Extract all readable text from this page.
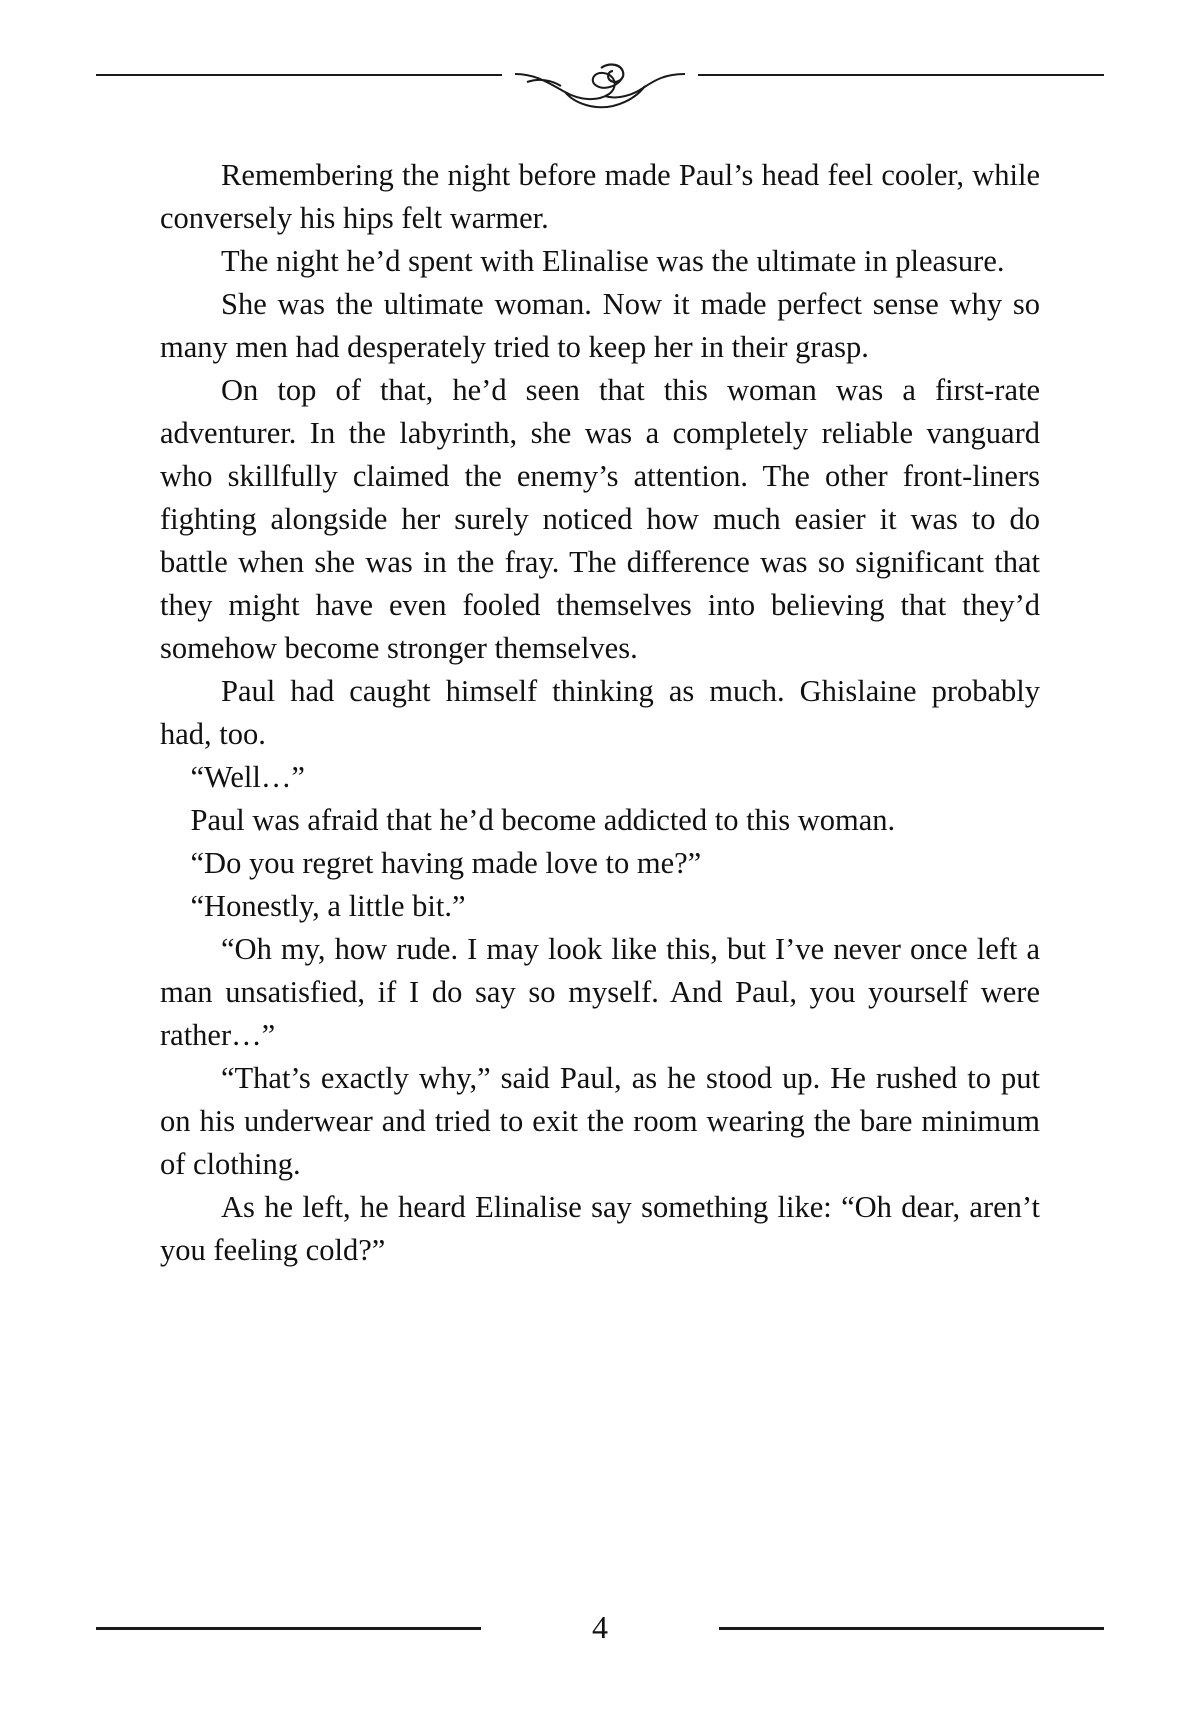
Remembering the night before made Paul’s head feel cooler, while conversely his hips felt warmer.

The night he’d spent with Elinalise was the ultimate in pleasure.

She was the ultimate woman. Now it made perfect sense why so many men had desperately tried to keep her in their grasp.

On top of that, he’d seen that this woman was a first-rate adventurer. In the labyrinth, she was a completely reliable vanguard who skillfully claimed the enemy’s attention. The other front-liners fighting alongside her surely noticed how much easier it was to do battle when she was in the fray. The difference was so significant that they might have even fooled themselves into believing that they’d somehow become stronger themselves.

Paul had caught himself thinking as much. Ghislaine probably had, too.

“Well…”

Paul was afraid that he’d become addicted to this woman.

“Do you regret having made love to me?”

“Honestly, a little bit.”

“Oh my, how rude. I may look like this, but I’ve never once left a man unsatisfied, if I do say so myself. And Paul, you yourself were rather…”

“That’s exactly why,” said Paul, as he stood up. He rushed to put on his underwear and tried to exit the room wearing the bare minimum of clothing.

As he left, he heard Elinalise say something like: “Oh dear, aren’t you feeling cold?”

4
